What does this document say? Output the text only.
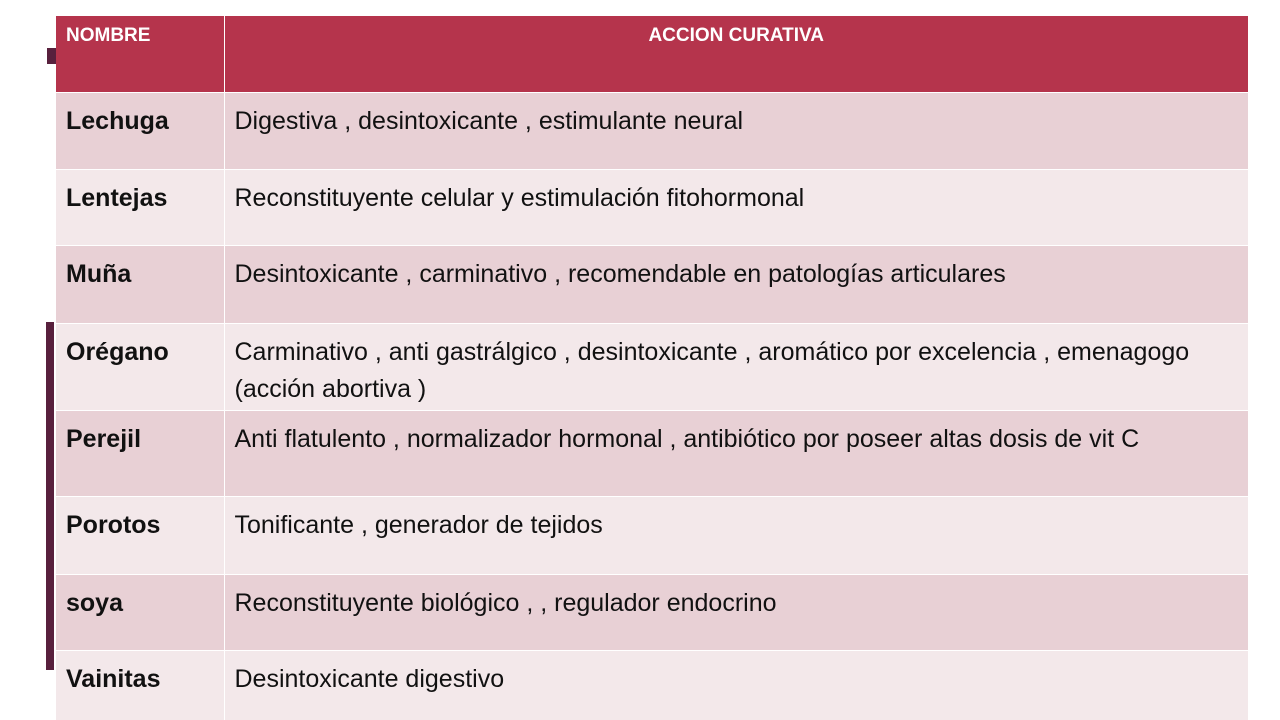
NOMBRE	ACCION CURATIVA
Lechuga	Digestiva , desintoxicante , estimulante neural
Lentejas	Reconstituyente celular y estimulación fitohormonal
Muña	Desintoxicante , carminativo , recomendable en patologías articulares
Orégano	Carminativo , anti gastrálgico , desintoxicante , aromático por excelencia , emenagogo (acción abortiva )
Perejil	Anti flatulento , normalizador hormonal , antibiótico por poseer altas dosis de vit C
Porotos	Tonificante , generador de tejidos
soya	Reconstituyente biológico , , regulador endocrino
Vainitas	Desintoxicante digestivo
